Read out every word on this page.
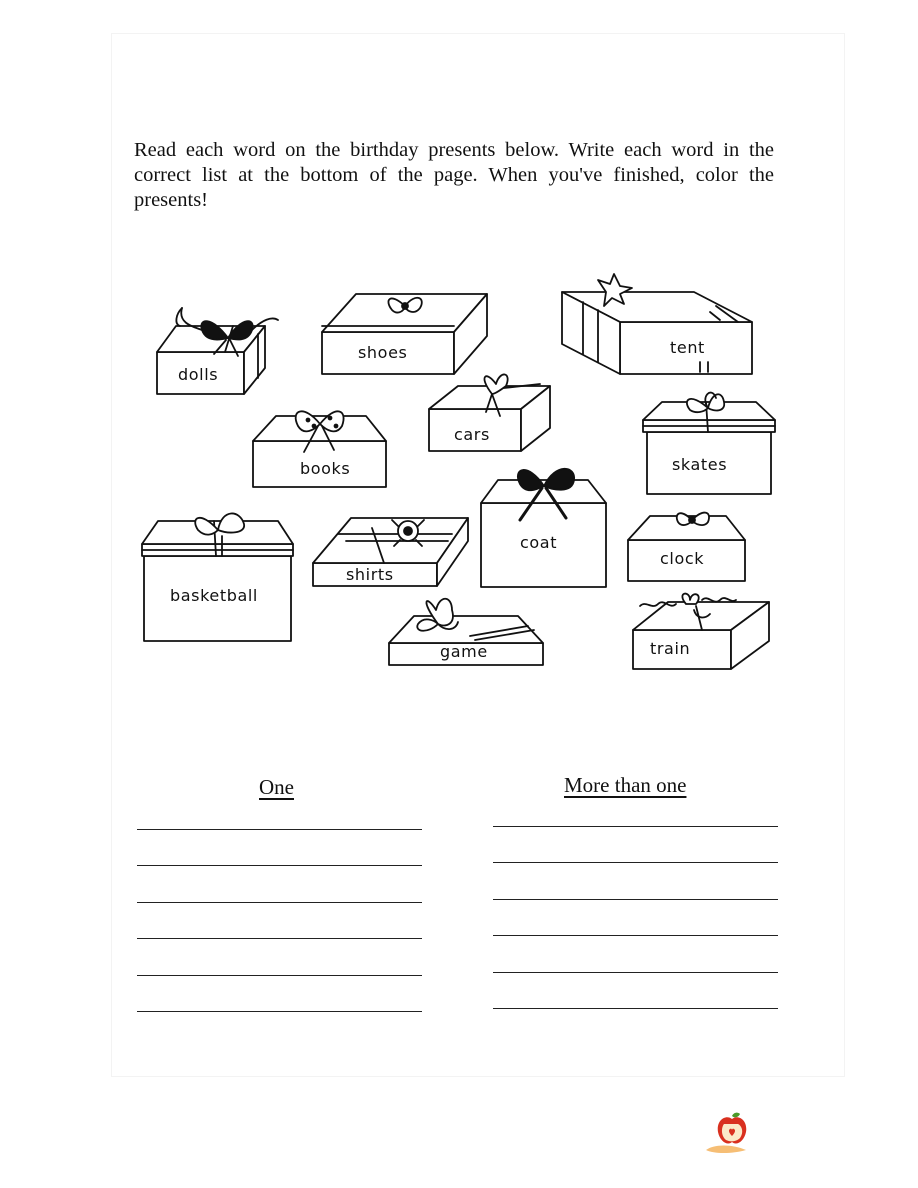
Read each word on the birthday presents below. Write each word in the correct list at the bottom of the page. When you've finished, color the presents!

dolls
shoes	tent
cars
skates
books
coat
shirts
clock
basketball
game	train
One	More than one
